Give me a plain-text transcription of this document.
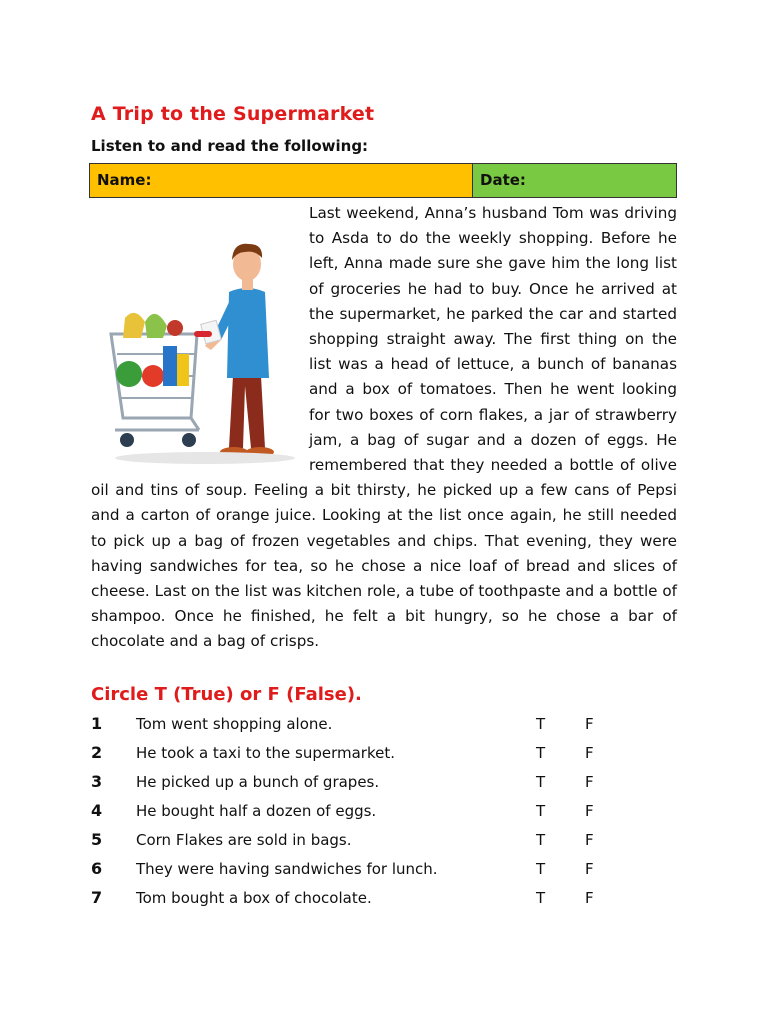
A Trip to the Supermarket
Listen to and read the following:
Name:	Date:
Last weekend, Anna’s husband Tom was driving to Asda to do the weekly shopping. Before he left, Anna made sure she gave him the long list of groceries he had to buy. Once he arrived at the supermarket, he parked the car and started shopping straight away. The first thing on the list was a head of lettuce, a bunch of bananas and a box of tomatoes. Then he went looking for two boxes of corn flakes, a jar of strawberry jam, a bag of sugar and a dozen of eggs. He remembered that they needed a bottle of olive oil and tins of soup. Feeling a bit thirsty, he picked up a few cans of Pepsi and a carton of orange juice. Looking at the list once again, he still needed to pick up a bag of frozen vegetables and chips. That evening, they were having sandwiches for tea, so he chose a nice loaf of bread and slices of cheese. Last on the list was kitchen role, a tube of toothpaste and a bottle of shampoo. Once he finished, he felt a bit hungry, so he chose a bar of chocolate and a bag of crisps.
Circle T (True) or F (False).
1 Tom went shopping alone.	T	F
2 He took a taxi to the supermarket.	T	F
3 He picked up a bunch of grapes.	T	F
4 He bought half a dozen of eggs.	T	F
5 Corn Flakes are sold in bags.	T	F
6 They were having sandwiches for lunch.	T	F
7 Tom bought a box of chocolate.	T	F
